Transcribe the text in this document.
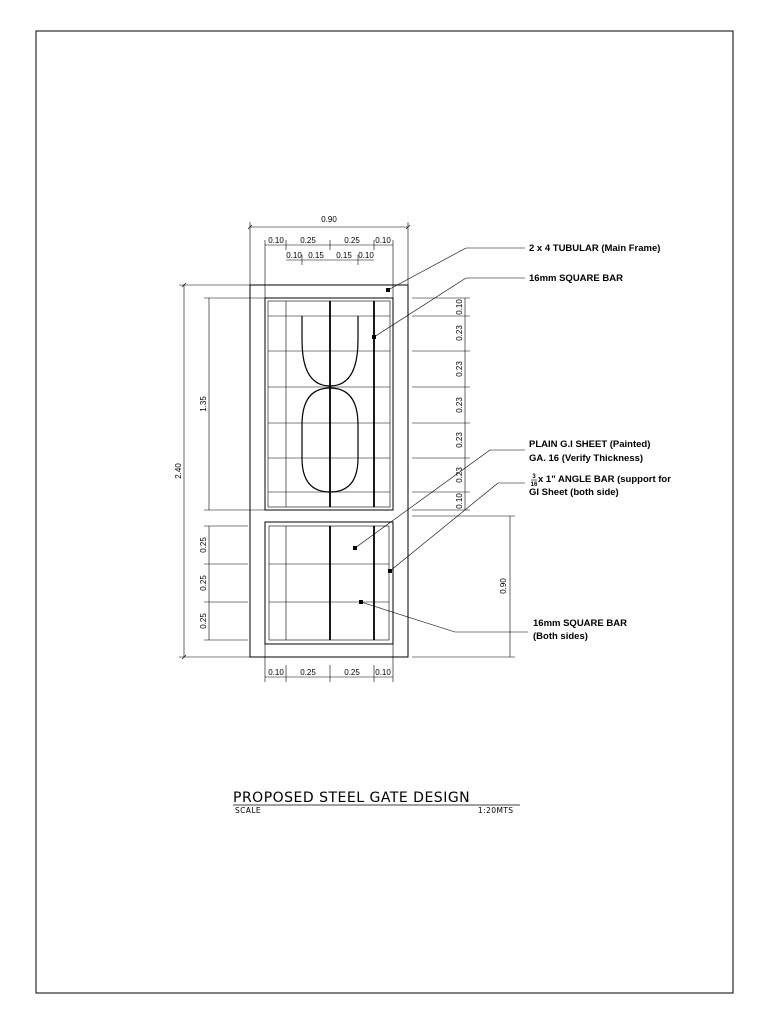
0.90
0.10 0.25	0.25 0.10
0.10 0.15 0.15 0.10
0.10 0.25	0.25 0.10
2.40
1.35
0.25
0.25
0.25
0.10
0.23
0.23
0.23
0.23
0.23
0.10
0.90
2 x 4 TUBULAR (Main Frame)
16mm SQUARE BAR
PLAIN G.I SHEET (Painted)
GA. 16 (Verify Thickness)
3
16 x 1" ANGLE BAR (support for
GI Sheet (both side)
16mm SQUARE BAR
(Both sides)
PROPOSED STEEL GATE DESIGN
SCALE	1:20MTS
